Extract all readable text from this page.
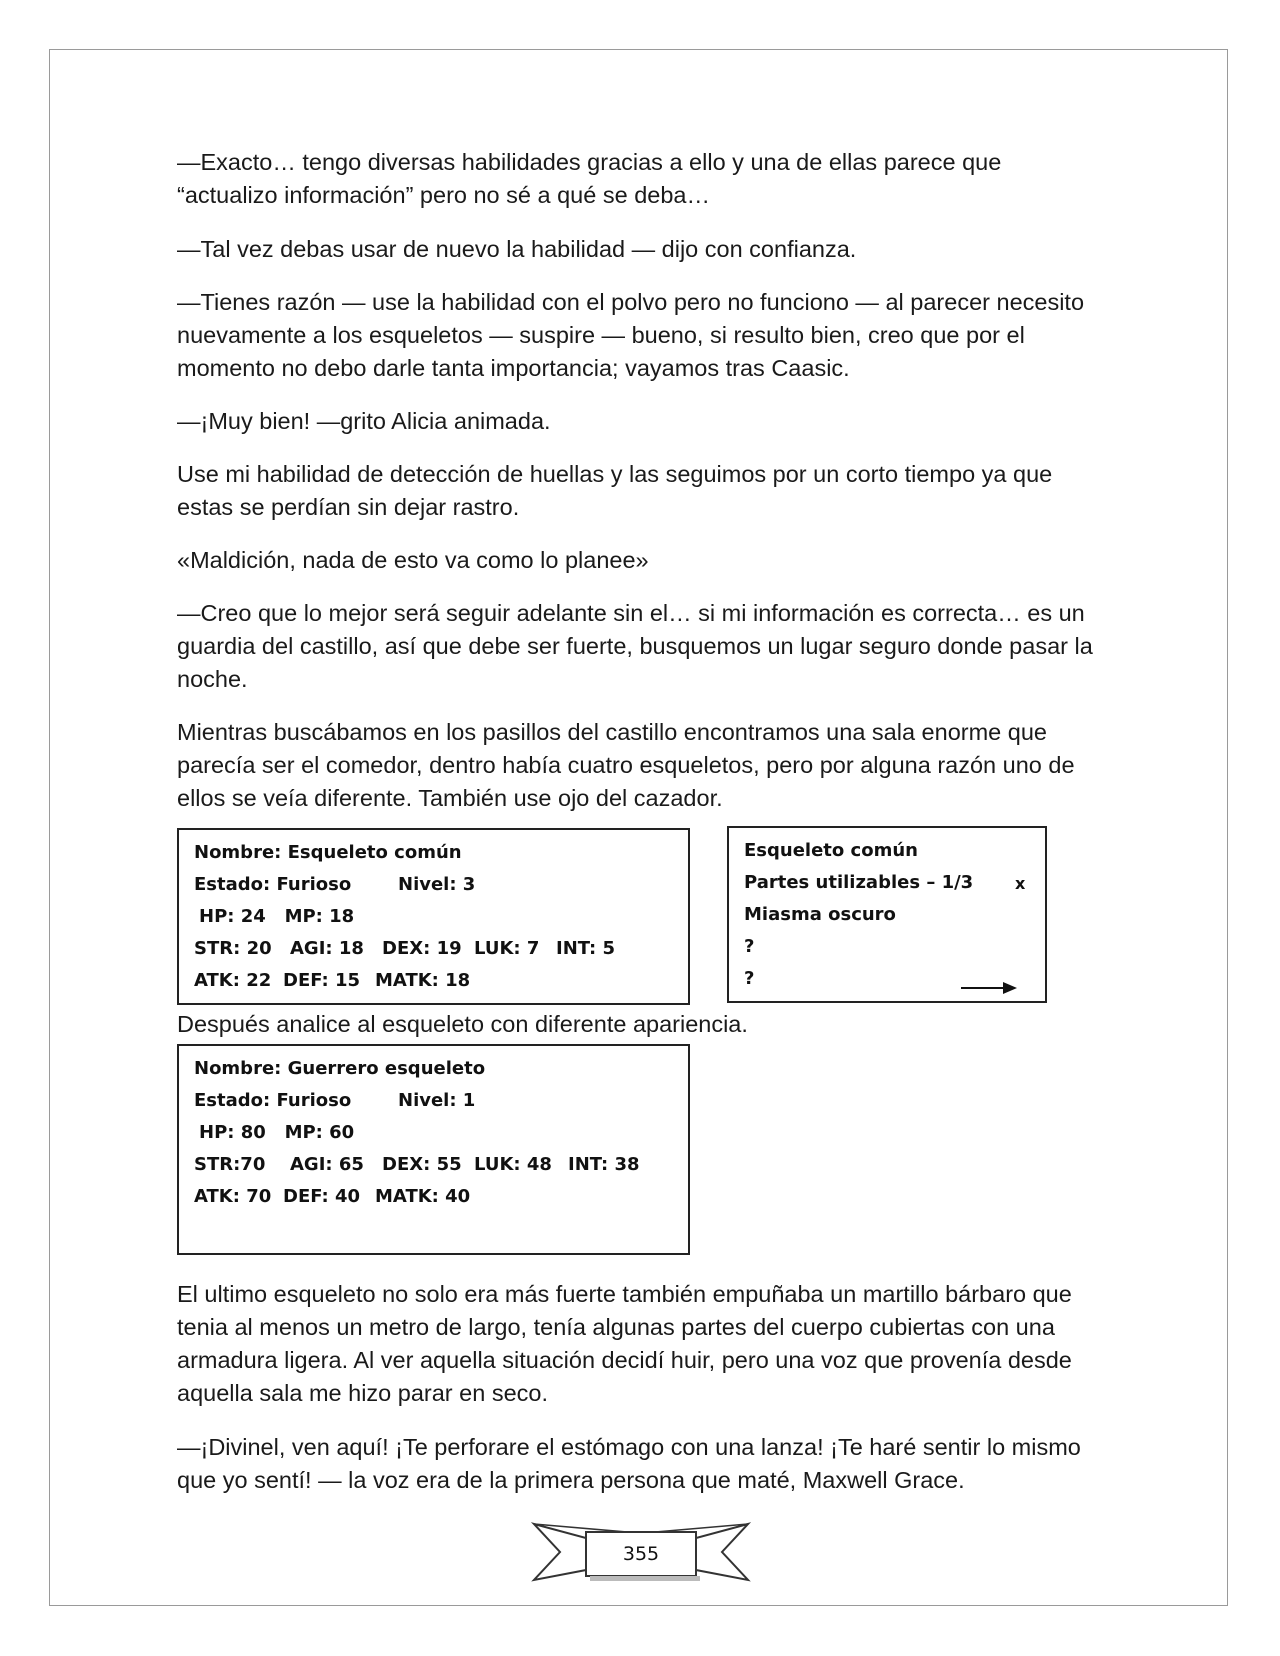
—Exacto… tengo diversas habilidades gracias a ello y una de ellas parece que “actualizo información” pero no sé a qué se deba…

—Tal vez debas usar de nuevo la habilidad — dijo con confianza.

—Tienes razón — use la habilidad con el polvo pero no funciono — al parecer necesito nuevamente a los esqueletos — suspire — bueno, si resulto bien, creo que por el momento no debo darle tanta importancia; vayamos tras Caasic.

—¡Muy bien! —grito Alicia animada.

Use mi habilidad de detección de huellas y las seguimos por un corto tiempo ya que estas se perdían sin dejar rastro.

«Maldición, nada de esto va como lo planee»

—Creo que lo mejor será seguir adelante sin el… si mi información es correcta… es un guardia del castillo, así que debe ser fuerte, busquemos un lugar seguro donde pasar la noche.

Mientras buscábamos en los pasillos del castillo encontramos una sala enorme que parecía ser el comedor, dentro había cuatro esqueletos, pero por alguna razón uno de ellos se veía diferente. También use ojo del cazador.

Nombre: Esqueleto común
Estado: Furioso	Nivel: 3
HP: 24   MP: 18
STR: 20 AGI: 18 DEX: 19 LUK: 7 INT: 5
ATK: 22 DEF: 15 MATK: 18
Esqueleto común
Partes utilizables – 1/3	x
Miasma oscuro
?
?
Después analice al esqueleto con diferente apariencia.
Nombre: Guerrero esqueleto
Estado: Furioso	Nivel: 1
HP: 80   MP: 60
STR:70 AGI: 65 DEX: 55 LUK: 48 INT: 38
ATK: 70 DEF: 40 MATK: 40

El ultimo esqueleto no solo era más fuerte también empuñaba un martillo bárbaro que tenia al menos un metro de largo, tenía algunas partes del cuerpo cubiertas con una armadura ligera. Al ver aquella situación decidí huir, pero una voz que provenía desde aquella sala me hizo parar en seco.

—¡Divinel, ven aquí! ¡Te perforare el estómago con una lanza! ¡Te haré sentir lo mismo que yo sentí! — la voz era de la primera persona que maté, Maxwell Grace.

355
